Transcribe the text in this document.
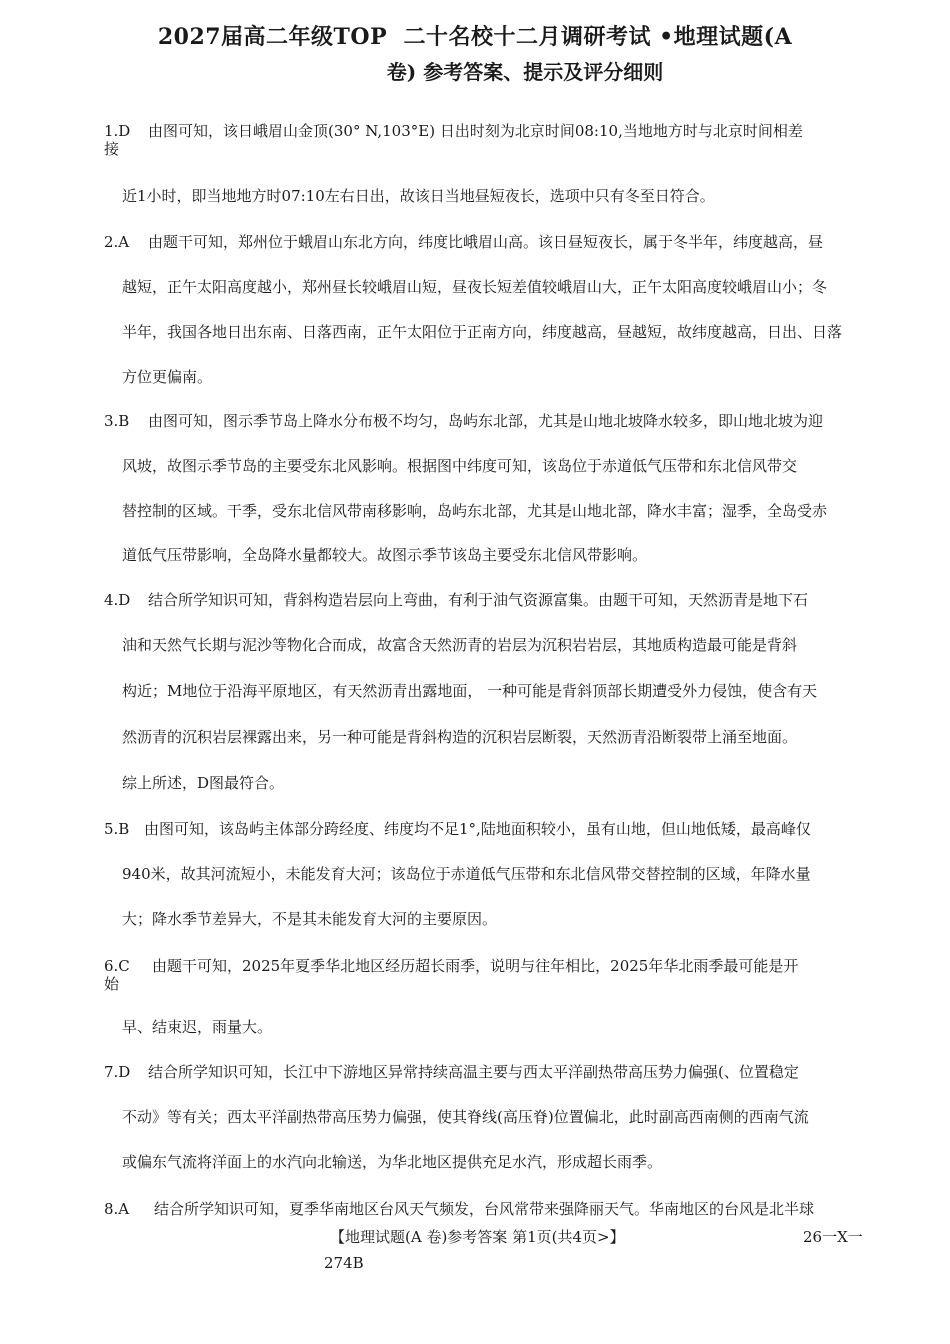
2027届高二年级TOP  二十名校十二月调研考试 •地理试题(A
卷) 参考答案、提示及评分细则
1.D 由图可知，该日峨眉山金顶(30° N,103°E) 日出时刻为北京时间08:10,当地地方时与北京时间相差
接
近1小时，即当地地方时07:10左右日出，故该日当地昼短夜长，选项中只有冬至日符合。
2.A 由题干可知，郑州位于蛾眉山东北方向，纬度比峨眉山高。该日昼短夜长，属于冬半年，纬度越高，昼
越短，正午太阳高度越小，郑州昼长较峨眉山短，昼夜长短差值较峨眉山大，正午太阳高度较峨眉山小；冬
半年，我国各地日出东南、日落西南，正午太阳位于正南方向，纬度越高，昼越短，故纬度越高，日出、日落
方位更偏南。
3.B 由图可知，图示季节岛上降水分布极不均匀，岛屿东北部，尤其是山地北坡降水较多，即山地北坡为迎
风坡，故图示季节岛的主要受东北风影响。根据图中纬度可知，该岛位于赤道低气压带和东北信风带交
替控制的区域。干季，受东北信风带南移影响，岛屿东北部，尤其是山地北部，降水丰富；湿季，全岛受赤
道低气压带影响，全岛降水量都较大。故图示季节该岛主要受东北信风带影响。
4.D 结合所学知识可知，背斜构造岩层向上弯曲，有利于油气资源富集。由题干可知，天然沥青是地下石
油和天然气长期与泥沙等物化合而成，故富含天然沥青的岩层为沉积岩岩层，其地质构造最可能是背斜
构近；M地位于沿海平原地区，有天然沥青出露地面， 一种可能是背斜顶部长期遭受外力侵蚀，使含有天
然沥青的沉积岩层裸露出来，另一种可能是背斜构造的沉积岩层断裂，天然沥青沿断裂带上涌至地面。
综上所述，D图最符合。
5.B 由图可知，该岛屿主体部分跨经度、纬度均不足1°,陆地面积较小，虽有山地，但山地低矮，最高峰仅
940米，故其河流短小，未能发育大河；该岛位于赤道低气压带和东北信风带交替控制的区域，年降水量
大；降水季节差异大，不是其未能发育大河的主要原因。
6.C 由题干可知，2025年夏季华北地区经历超长雨季，说明与往年相比，2025年华北雨季最可能是开
始
早、结束迟，雨量大。
7.D 结合所学知识可知，长江中下游地区异常持续高温主要与西太平洋副热带高压势力偏强(、位置稳定
不动》等有关；西太平洋副热带高压势力偏强，使其脊线(高压脊)位置偏北，此时副高西南侧的西南气流
或偏东气流将洋面上的水汽向北输送，为华北地区提供充足水汽，形成超长雨季。
8.A 结合所学知识可知，夏季华南地区台风天气频发，台风常带来强降丽天气。华南地区的台风是北半球
【地理试题(A 卷)参考答案 第1页(共4页>】	26一X一
274B
